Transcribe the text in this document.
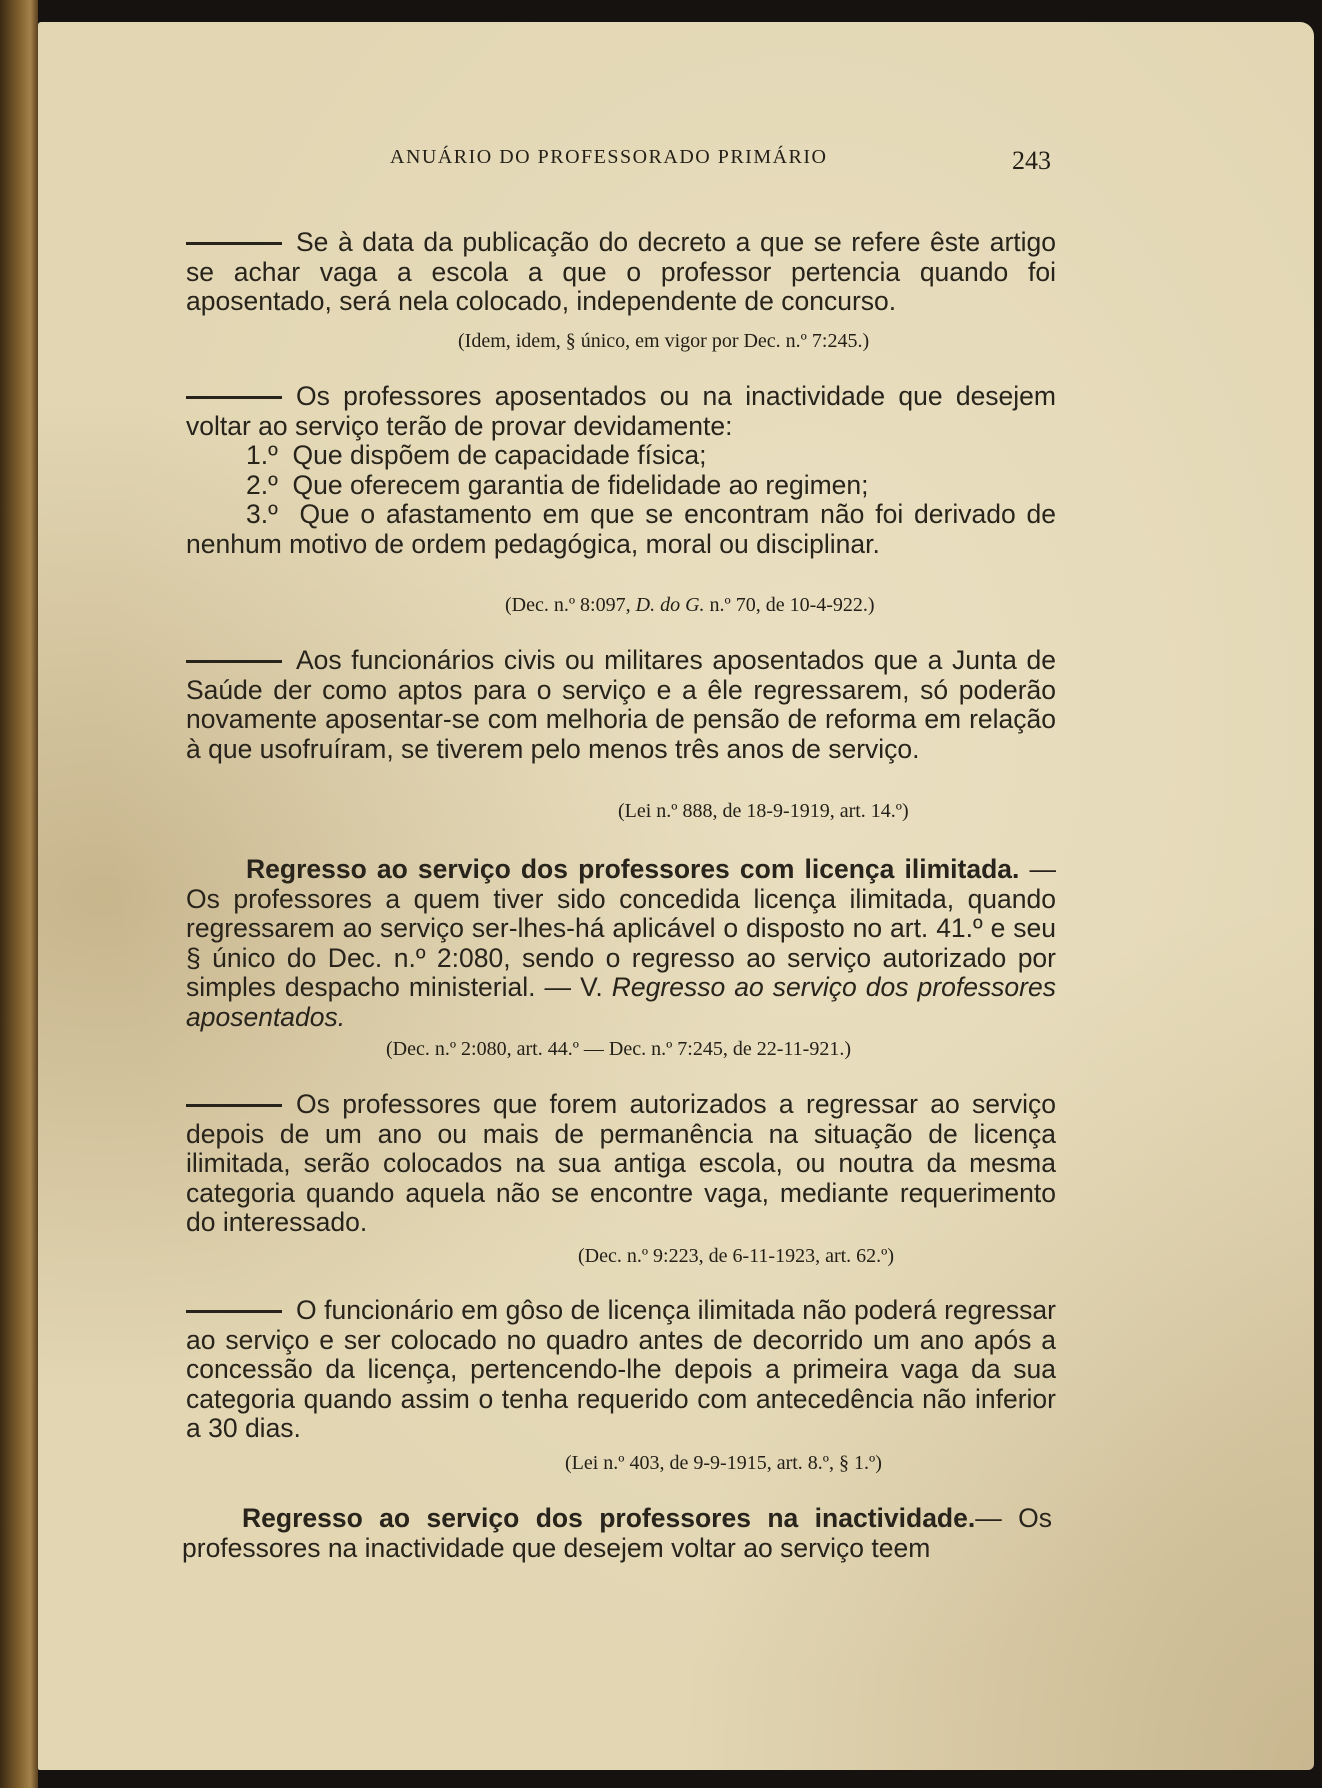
ANUÁRIO DO PROFESSORADO PRIMÁRIO	243
Se à data da publicação do decreto a que se refere êste artigo se achar vaga a escola a que o professor pertencia quando foi aposentado, será nela colocado, independente de concurso.
(Idem, idem, § único, em vigor por Dec. n.º 7:245.)
Os professores aposentados ou na inactividade que desejem voltar ao serviço terão de provar devidamente:
1.º Que dispõem de capacidade física;
2.º Que oferecem garantia de fidelidade ao regimen;
3.º Que o afastamento em que se encontram não foi derivado de nenhum motivo de ordem pedagógica, moral ou disciplinar.
(Dec. n.º 8:097, D. do G. n.º 70, de 10-4-922.)
Aos funcionários civis ou militares aposentados que a Junta de Saúde der como aptos para o serviço e a êle regressarem, só poderão novamente aposentar-se com melhoria de pensão de reforma em relação à que usofruíram, se tiverem pelo menos três anos de serviço.
(Lei n.º 888, de 18-9-1919, art. 14.º)
Regresso ao serviço dos professores com licença ilimitada. — Os professores a quem tiver sido concedida licença ilimitada, quando regressarem ao serviço ser-lhes-há aplicável o disposto no art. 41.º e seu § único do Dec. n.º 2:080, sendo o regresso ao serviço autorizado por simples despacho ministerial. — V. Regresso ao serviço dos professores aposentados.
(Dec. n.º 2:080, art. 44.º — Dec. n.º 7:245, de 22-11-921.)
Os professores que forem autorizados a regressar ao serviço depois de um ano ou mais de permanência na situação de licença ilimitada, serão colocados na sua antiga escola, ou noutra da mesma categoria quando aquela não se encontre vaga, mediante requerimento do interessado.
(Dec. n.º 9:223, de 6-11-1923, art. 62.º)
O funcionário em gôso de licença ilimitada não poderá regressar ao serviço e ser colocado no quadro antes de decorrido um ano após a concessão da licença, pertencendo-lhe depois a primeira vaga da sua categoria quando assim o tenha requerido com antecedência não inferior a 30 dias.
(Lei n.º 403, de 9-9-1915, art. 8.º, § 1.º)
Regresso ao serviço dos professores na inactividade.— Os professores na inactividade que desejem voltar ao serviço teem
